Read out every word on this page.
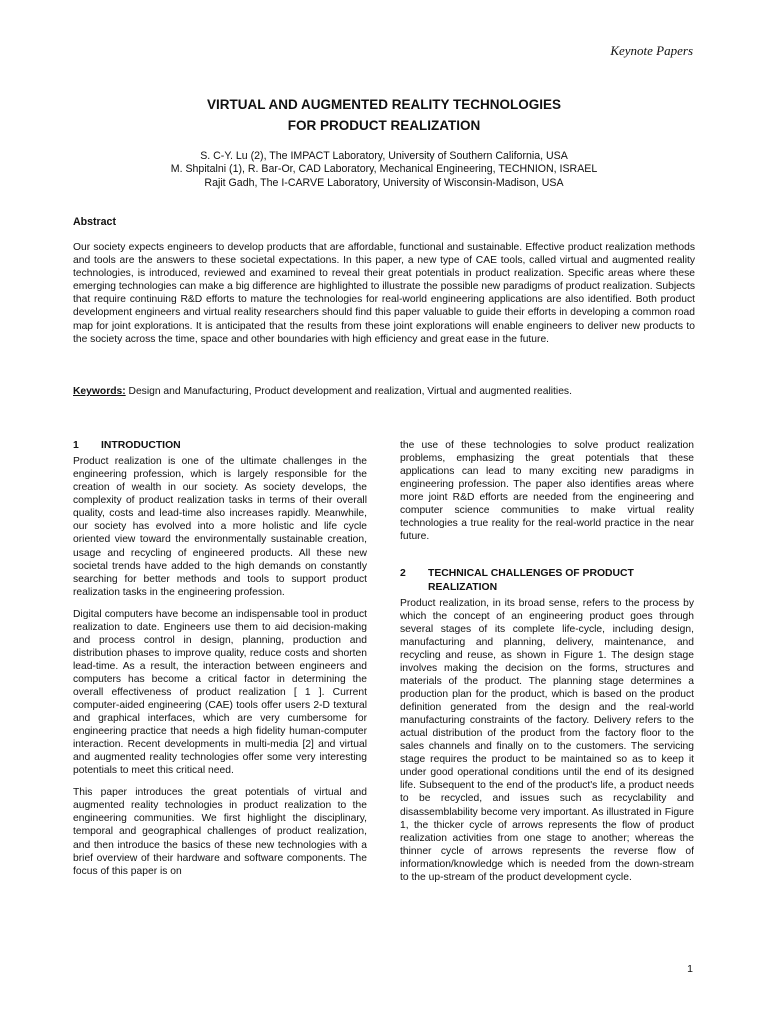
Keynote Papers
VIRTUAL AND AUGMENTED REALITY TECHNOLOGIES
FOR PRODUCT REALIZATION
S. C-Y. Lu (2), The IMPACT Laboratory, University of Southern California, USA
M. Shpitalni (1), R. Bar-Or, CAD Laboratory, Mechanical Engineering, TECHNION, ISRAEL
Rajit Gadh, The I-CARVE Laboratory, University of Wisconsin-Madison, USA
Abstract
Our society expects engineers to develop products that are affordable, functional and sustainable. Effective product realization methods and tools are the answers to these societal expectations. In this paper, a new type of CAE tools, called virtual and augmented reality technologies, is introduced, reviewed and examined to reveal their great potentials in product realization. Specific areas where these emerging technologies can make a big difference are highlighted to illustrate the possible new paradigms of product realization. Subjects that require continuing R&D efforts to mature the technologies for real-world engineering applications are also identified. Both product development engineers and virtual reality researchers should find this paper valuable to guide their efforts in developing a common road map for joint explorations. It is anticipated that the results from these joint explorations will enable engineers to deliver new products to the society across the time, space and other boundaries with high efficiency and great ease in the future.
Keywords: Design and Manufacturing, Product development and realization, Virtual and augmented realities.
1	INTRODUCTION

Product realization is one of the ultimate challenges in the engineering profession, which is largely responsible for the creation of wealth in our society. As society develops, the complexity of product realization tasks in terms of their overall quality, costs and lead-time also increases rapidly. Meanwhile, our society has evolved into a more holistic and life cycle oriented view toward the environmentally sustainable creation, usage and recycling of engineered products. All these new societal trends have added to the high demands on constantly searching for better methods and tools to support product realization tasks in the engineering profession.

Digital computers have become an indispensable tool in product realization to date. Engineers use them to aid decision-making and process control in design, planning, production and distribution phases to improve quality, reduce costs and shorten lead-time. As a result, the interaction between engineers and computers has become a critical factor in determining the overall effectiveness of product realization [ 1 ]. Current computer-aided engineering (CAE) tools offer users 2-D textural and graphical interfaces, which are very cumbersome for engineering practice that needs a high fidelity human-computer interaction. Recent developments in multi-media [2] and virtual and augmented reality technologies offer some very interesting potentials to meet this critical need.

This paper introduces the great potentials of virtual and augmented reality technologies in product realization to the engineering communities. We first highlight the disciplinary, temporal and geographical challenges of product realization, and then introduce the basics of these new technologies with a brief overview of their hardware and software components. The focus of this paper is on

the use of these technologies to solve product realization problems, emphasizing the great potentials that these applications can lead to many exciting new paradigms in engineering profession. The paper also identifies areas where more joint R&D efforts are needed from the engineering and computer science communities to make virtual reality technologies a true reality for the real-world practice in the near future.

2	TECHNICAL CHALLENGES OF PRODUCT REALIZATION

Product realization, in its broad sense, refers to the process by which the concept of an engineering product goes through several stages of its complete life-cycle, including design, manufacturing and planning, delivery, maintenance, and recycling and reuse, as shown in Figure 1. The design stage involves making the decision on the forms, structures and materials of the product. The planning stage determines a production plan for the product, which is based on the product definition generated from the design and the real-world manufacturing constraints of the factory. Delivery refers to the actual distribution of the product from the factory floor to the sales channels and finally on to the customers. The servicing stage requires the product to be maintained so as to keep it under good operational conditions until the end of its designed life. Subsequent to the end of the product's life, a product needs to be recycled, and issues such as recyclability and disassemblability become very important. As illustrated in Figure 1, the thicker cycle of arrows represents the flow of product realization activities from one stage to another; whereas the thinner cycle of arrows represents the reverse flow of information/knowledge which is needed from the down-stream to the up-stream of the product development cycle.

1
